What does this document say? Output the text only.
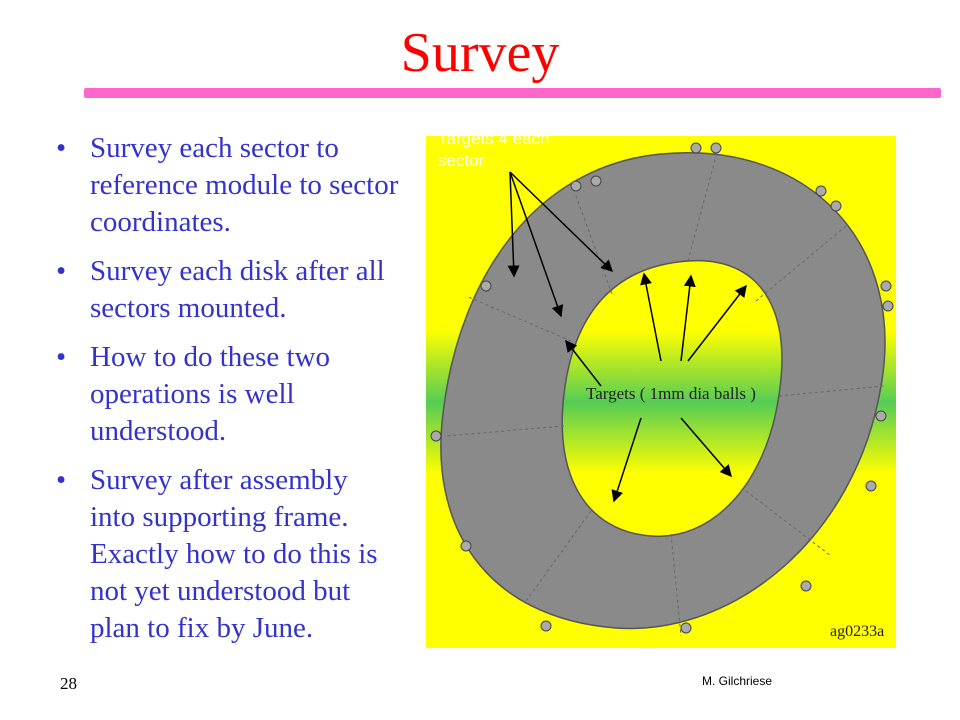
Survey
• Survey each sector to reference module to sector coordinates.
• Survey each disk after all sectors mounted.
• How to do these two operations is well understood.
• Survey after assembly into supporting frame. Exactly how to do this is not yet understood but plan to fix by June.
Targets ( 1mm dia balls )
ag0233a
Targets 4 each sector
28	M. Gilchriese
